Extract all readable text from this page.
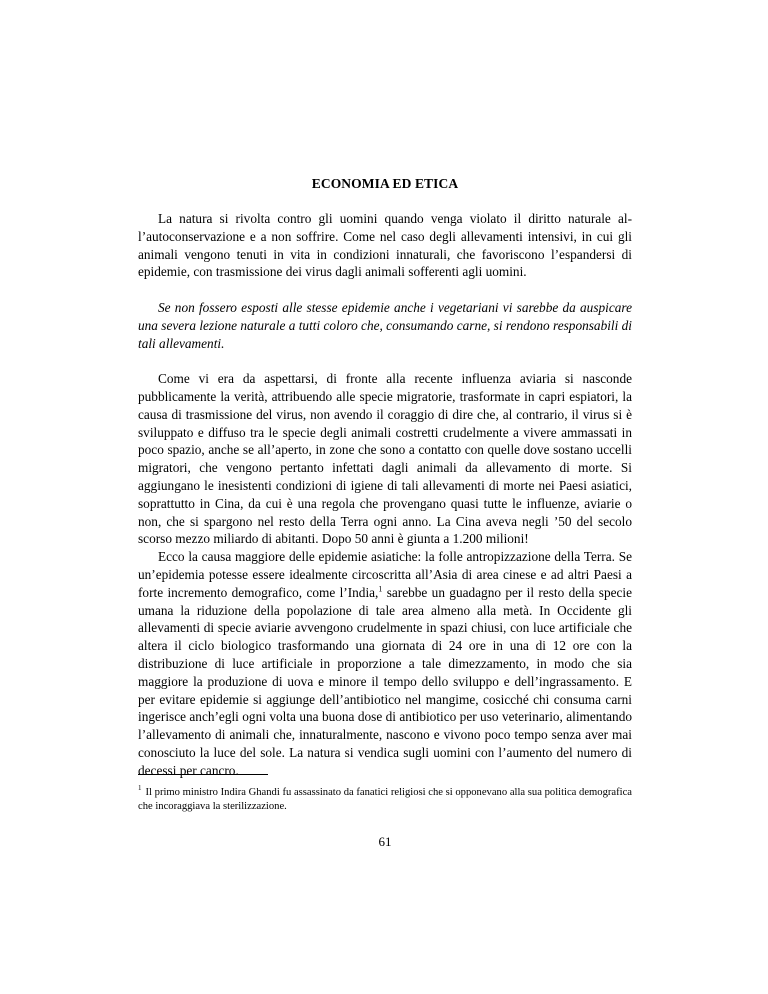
ECONOMIA ED ETICA

La natura si rivolta contro gli uomini quando venga violato il diritto naturale all’autoconservazione e a non soffrire. Come nel caso degli allevamenti intensivi, in cui gli animali vengono tenuti in vita in condizioni innaturali, che favoriscono l’espandersi di epidemie, con trasmissione dei virus dagli animali sofferenti agli uomini.

Se non fossero esposti alle stesse epidemie anche i vegetariani vi sarebbe da auspicare una severa lezione naturale a tutti coloro che, consumando carne, si rendono responsabili di tali allevamenti.

Come vi era da aspettarsi, di fronte alla recente influenza aviaria si nasconde pubblicamente la verità, attribuendo alle specie migratorie, trasformate in capri espiatori, la causa di trasmissione del virus, non avendo il coraggio di dire che, al contrario, il virus si è sviluppato e diffuso tra le specie degli animali costretti crudelmente a vivere ammassati in poco spazio, anche se all’aperto, in zone che sono a contatto con quelle dove sostano uccelli migratori, che vengono pertanto infettati dagli animali da allevamento di morte. Si aggiungano le inesistenti condizioni di igiene di tali allevamenti di morte nei Paesi asiatici, soprattutto in Cina, da cui è una regola che provengano quasi tutte le influenze, aviarie o non, che si spargono nel resto della Terra ogni anno. La Cina aveva negli ’50 del secolo scorso mezzo miliardo di abitanti. Dopo 50 anni è giunta a 1.200 milioni!

Ecco la causa maggiore delle epidemie asiatiche: la folle antropizzazione della Terra. Se un’epidemia potesse essere idealmente circoscritta all’Asia di area cinese e ad altri Paesi a forte incremento demografico, come l’India,$^1$ sarebbe un guadagno per il resto della specie umana la riduzione della popolazione di tale area almeno alla metà. In Occidente gli allevamenti di specie aviarie avvengono crudelmente in spazi chiusi, con luce artificiale che altera il ciclo biologico trasformando una giornata di 24 ore in una di 12 ore con la distribuzione di luce artificiale in proporzione a tale dimezzamento, in modo che sia maggiore la produzione di uova e minore il tempo dello sviluppo e dell’ingrassamento. E per evitare epidemie si aggiunge dell’antibiotico nel mangime, cosicché chi consuma carni ingerisce anch’egli ogni volta una buona dose di antibiotico per uso veterinario, alimentando l’allevamento di animali che, innaturalmente, nascono e vivono poco tempo senza aver mai conosciuto la luce del sole. La natura si vendica sugli uomini con l’aumento del numero di decessi per cancro.

$^1$ Il primo ministro Indira Ghandi fu assassinato da fanatici religiosi che si opponevano alla sua politica demografica che incoraggiava la sterilizzazione.

61
